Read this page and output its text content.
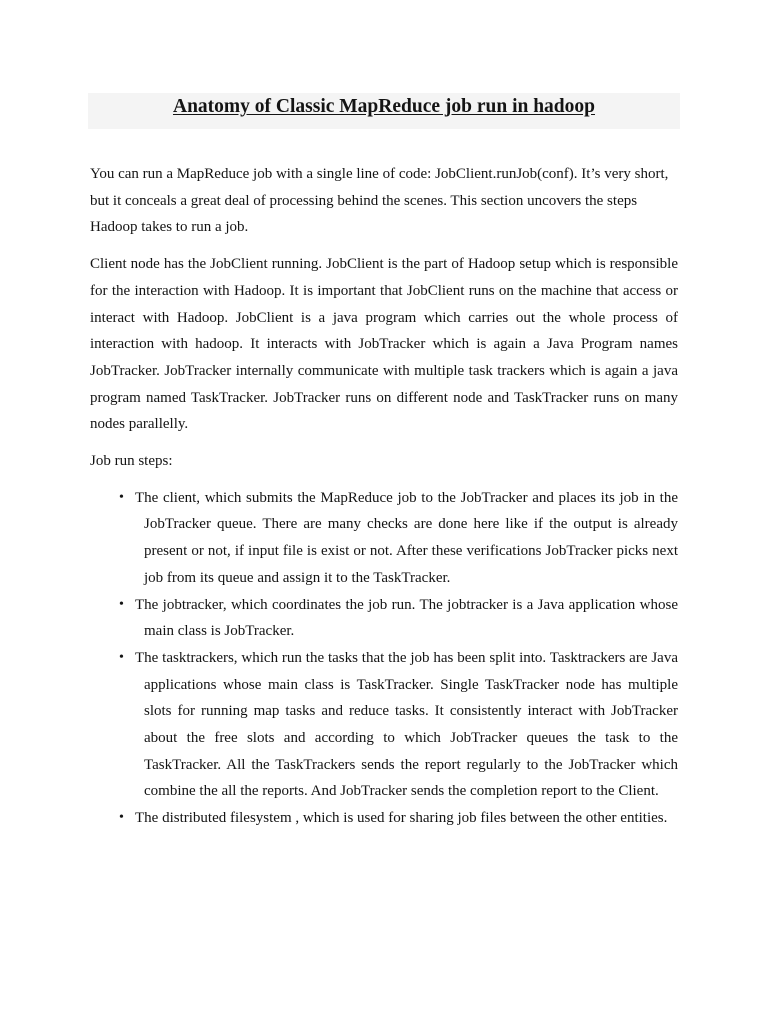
Anatomy of Classic MapReduce job run in hadoop

You can run a MapReduce job with a single line of code: JobClient.runJob(conf). It’s very short, but it conceals a great deal of processing behind the scenes. This section uncovers the steps Hadoop takes to run a job.

Client node has the JobClient running. JobClient is the part of Hadoop setup which is responsible for the interaction with Hadoop. It is important that JobClient runs on the machine that access or interact with Hadoop. JobClient is a java program which carries out the whole process of interaction with hadoop. It interacts with JobTracker which is again a Java Program names JobTracker. JobTracker internally communicate with multiple task trackers which is again a java program named TaskTracker. JobTracker runs on different node and TaskTracker runs on many nodes parallelly.

Job run steps:

• The client, which submits the MapReduce job to the JobTracker and places its job in the JobTracker queue. There are many checks are done here like if the output is already present or not, if input file is exist or not. After these verifications JobTracker picks next job from its queue and assign it to the TaskTracker.
• The jobtracker, which coordinates the job run. The jobtracker is a Java application whose main class is JobTracker.
• The tasktrackers, which run the tasks that the job has been split into. Tasktrackers are Java applications whose main class is TaskTracker. Single TaskTracker node has multiple slots for running map tasks and reduce tasks. It consistently interact with JobTracker about the free slots and according to which JobTracker queues the task to the TaskTracker. All the TaskTrackers sends the report regularly to the JobTracker which combine the all the reports. And JobTracker sends the completion report to the Client.
• The distributed filesystem , which is used for sharing job files between the other entities.
